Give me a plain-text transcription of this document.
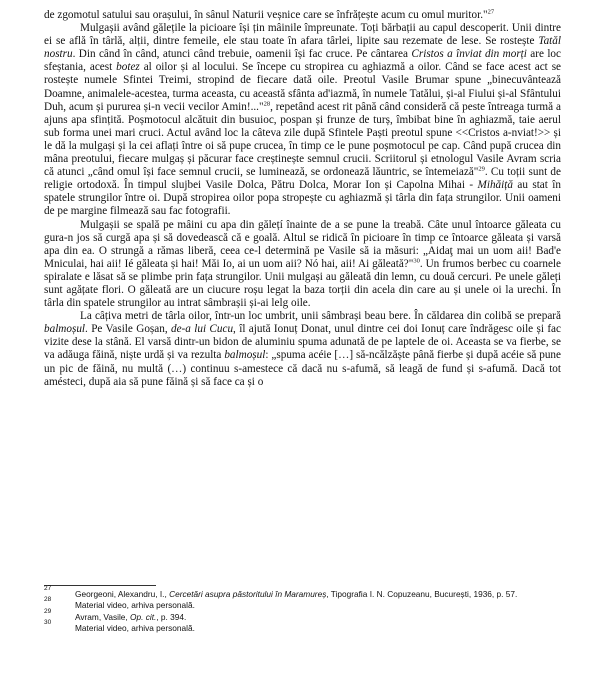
de zgomotul satului sau orașului, în sânul Naturii veșnice care se înfrățește acum cu omul muritor."$^{27}$

Mulgașii având gălețile la picioare își țin mâinile împreunate. Toți bărbații au capul descoperit. Unii dintre ei se află în târlă, alții, dintre femeile, ele stau toate în afara târlei, lipite sau rezemate de lese. Se rostește Tatăl nostru. Din când în când, atunci când trebuie, oamenii își fac cruce. Pe cântarea Cristos a înviat din morți are loc sfeștania, acest botez al oilor și al locului. Se începe cu stropirea cu aghiazmă a oilor. Când se face acest act se rostește numele Sfintei Treimi, stropind de fiecare dată oile. Preotul Vasile Brumar spune „binecuvântează Doamne, animalele-acestea, turma aceasta, cu această sfânta ad'iazmă, în numele Tatălui, și-al Fiului și-al Sfântului Duh, acum și pururea și-n vecii vecilor Amin!..."$^{28}$, repetând acest rit până când consideră că peste întreaga turmă a ajuns apa sfințită. Poșmotocul alcătuit din busuioc, pospan și frunze de turș, îmbibat bine în aghiazmă, taie aerul sub forma unei mari cruci. Actul având loc la câteva zile după Sfintele Paști preotul spune <<Cristos a-nviat!>> și le dă la mulgași și la cei aflați între oi să pupe crucea, în timp ce le pune poșmotocul pe cap. Când pupă crucea din mâna preotului, fiecare mulgaș și păcurar face creștinește semnul crucii. Scriitorul și etnologul Vasile Avram scria că atunci „când omul își face semnul crucii, se luminează, se ordonează lăuntric, se întemeiază"$^{29}$. Cu toții sunt de religie ortodoxă. În timpul slujbei Vasile Dolca, Pătru Dolca, Morar Ion și Capolna Mihai - Mihăiță au stat în spatele strungilor între oi. După stropirea oilor popa stropește cu aghiazmă și târla din fața strungilor. Unii oameni de pe margine filmează sau fac fotografii.

Mulgașii se spală pe mâini cu apa din gălețí înainte de a se pune la treabă. Câte unul întoarce găleata cu gura-n jos să curgă apa și să dovedească că e goală. Altul se ridică în picioare în timp ce întoarce găleata și varsă apa din ea. O strungă a rămas liberă, ceea ce-l determină pe Vasile să ia măsuri: „Aidaţ mai un uom aii! Bad'e Mniculai, hai aii! Ié găleata și hai! Măi Io, ai un uom aii? Nó hai, aii! Ai găleată?"$^{30}$. Un frumos berbec cu coarnele spiralate e lăsat să se plimbe prin fața strungilor. Unii mulgași au găleată din lemn, cu două cercuri. Pe unele găleți sunt agățate flori. O găleată are un ciucure roșu legat la baza torții din acela din care au și unele oi la urechi. În târla din spatele strungilor au intrat sâmbrașii și-ai lelg oile.

La câțiva metri de târla oilor, într-un loc umbrit, unii sâmbrași beau bere. În căldarea din colibă se prepară balmoșul. Pe Vasile Goșan, de-a lui Cucu, îl ajută Ionuț Donat, unul dintre cei doi Ionuț care îndrăgesc oile și fac vizite dese la stână. El varsă dintr-un bidon de aluminiu spuma adunată de pe laptele de oi. Aceasta se va fierbe, se va adăuga făină, niște urdă și va rezulta balmoșul: „spuma acéie […] să-ncălzăște până fierbe și după acéie să pune un pic de făină, nu multă (…) continuu s-amestece că dacă nu s-afumă, să leagă de fund și s-afumă. Dacă tot amésteci, după aia să pune făină și să face ca și o

27
Georgeoni, Alexandru, I., Cercetări asupra păstoritului în Maramureș, Tipografia I. N. Copuzeanu, București, 1936, p. 57.

28
Material video, arhiva personală.

29
Avram, Vasile, Op. cit., p. 394.

30
Material video, arhiva personală.
